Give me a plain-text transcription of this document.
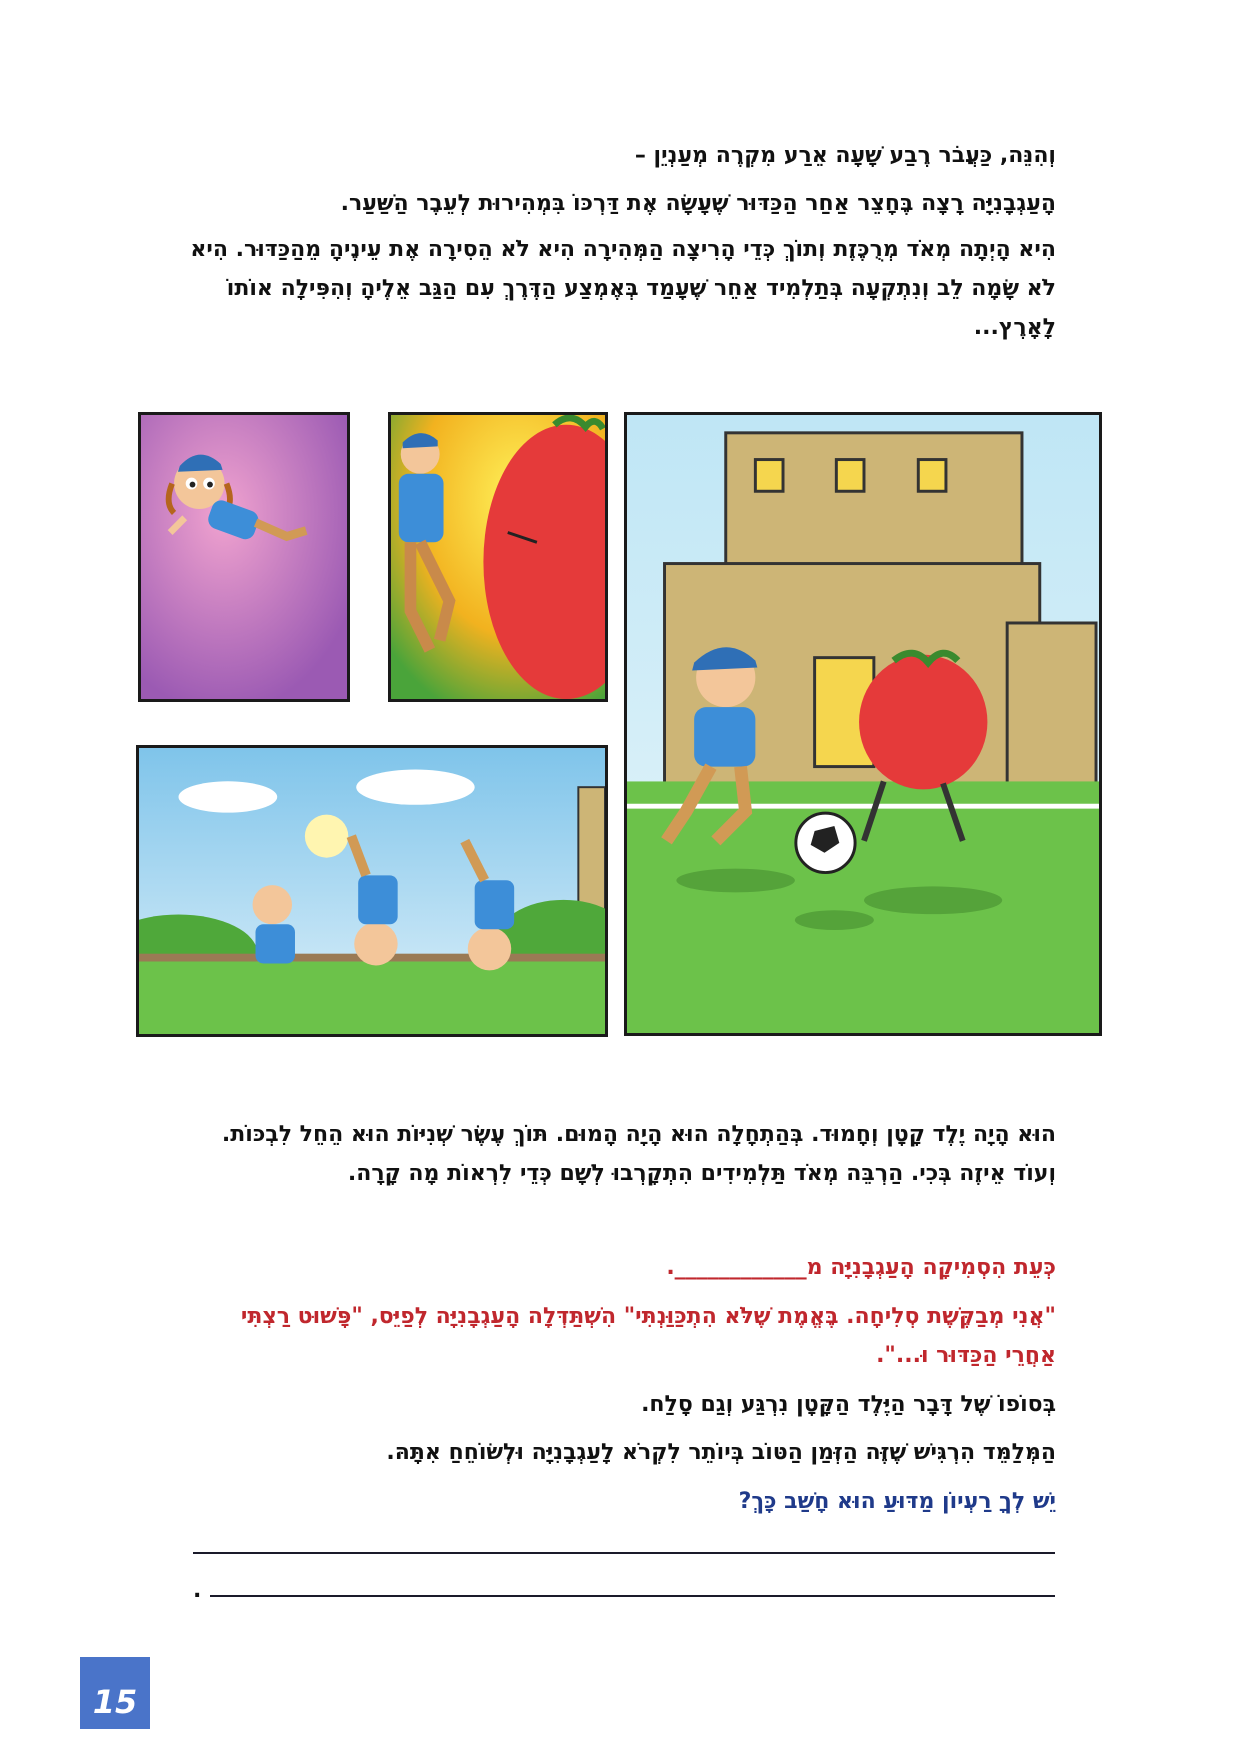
וְהִנֵּה, כַּעֲבֹר רֶבַע שָׁעָה אֵרַע מִקְרֶה מְעַנְיֵן –

הָעַגְבָנִיָּה רָצָה בֶּחָצֵר אַחַר הַכַּדּוּר שֶׁעָשָׂה אֶת דַּרְכּוֹ בִּמְהִירוּת לְעֵבֶר הַשַּׁעַר.

הִיא הָיְתָה מְאֹד מְרֻכֶּזֶת וְתוֹךְ כְּדֵי הָרִיצָה הַמְּהִירָה הִיא לֹא הֵסִירָה אֶת עֵינֶיהָ מֵהַכַּדּוּר. הִיא לֹא שָׂמָה לֵב וְנִתְקְעָה בְּתַלְמִיד אַחֵר שֶׁעָמַד בְּאֶמְצַע הַדֶּרֶךְ עִם הַגַּב אֵלֶיהָ וְהִפִּילָה אוֹתוֹ לָאָרֶץ...

הוּא הָיָה יֶלֶד קָטָן וְחָמוּד. בְּהַתְחָלָה הוּא הָיָה הָמוּם. תּוֹךְ עֶשֶׂר שְׁנִיּוֹת הוּא הֵחֵל לִבְכּוֹת. וְעוֹד אֵיזֶה בְּכִי. הַרְבֵּה מְאֹד תַּלְמִידִים הִתְקָרְבוּ לְשָׁם כְּדֵי לִרְאוֹת מָה קָרָה.

כְּעֵת הִסְמִיקָה הָעַגְבָנִיָּה מ____________.

"אֲנִי מְבַקֶּשֶׁת סְלִיחָה. בֶּאֱמֶת שֶׁלֹּא הִתְכַּוַּנְתִּי" הִשְׁתַּדְּלָה הָעַגְבָנִיָּה לְפַיֵּס, "פָּשׁוּט רַצְתִּי אַחֲרֵי הַכַּדּוּר וּ...".

בְּסוֹפוֹ שֶׁל דָּבָר הַיֶּלֶד הַקָּטָן נִרְגַּע וְגַם סָלַח.

הַמְּלַמֵּד הִרְגִּישׁ שֶׁזֶּה הַזְּמַן הַטּוֹב בְּיוֹתֵר לִקְרֹא לָעַגְבָנִיָּה וּלְשׂוֹחֵחַ אִתָּהּ.

יֵשׁ לְךָ רַעְיוֹן מַדּוּעַ הוּא חָשַׁב כָּךְ?

.
15
